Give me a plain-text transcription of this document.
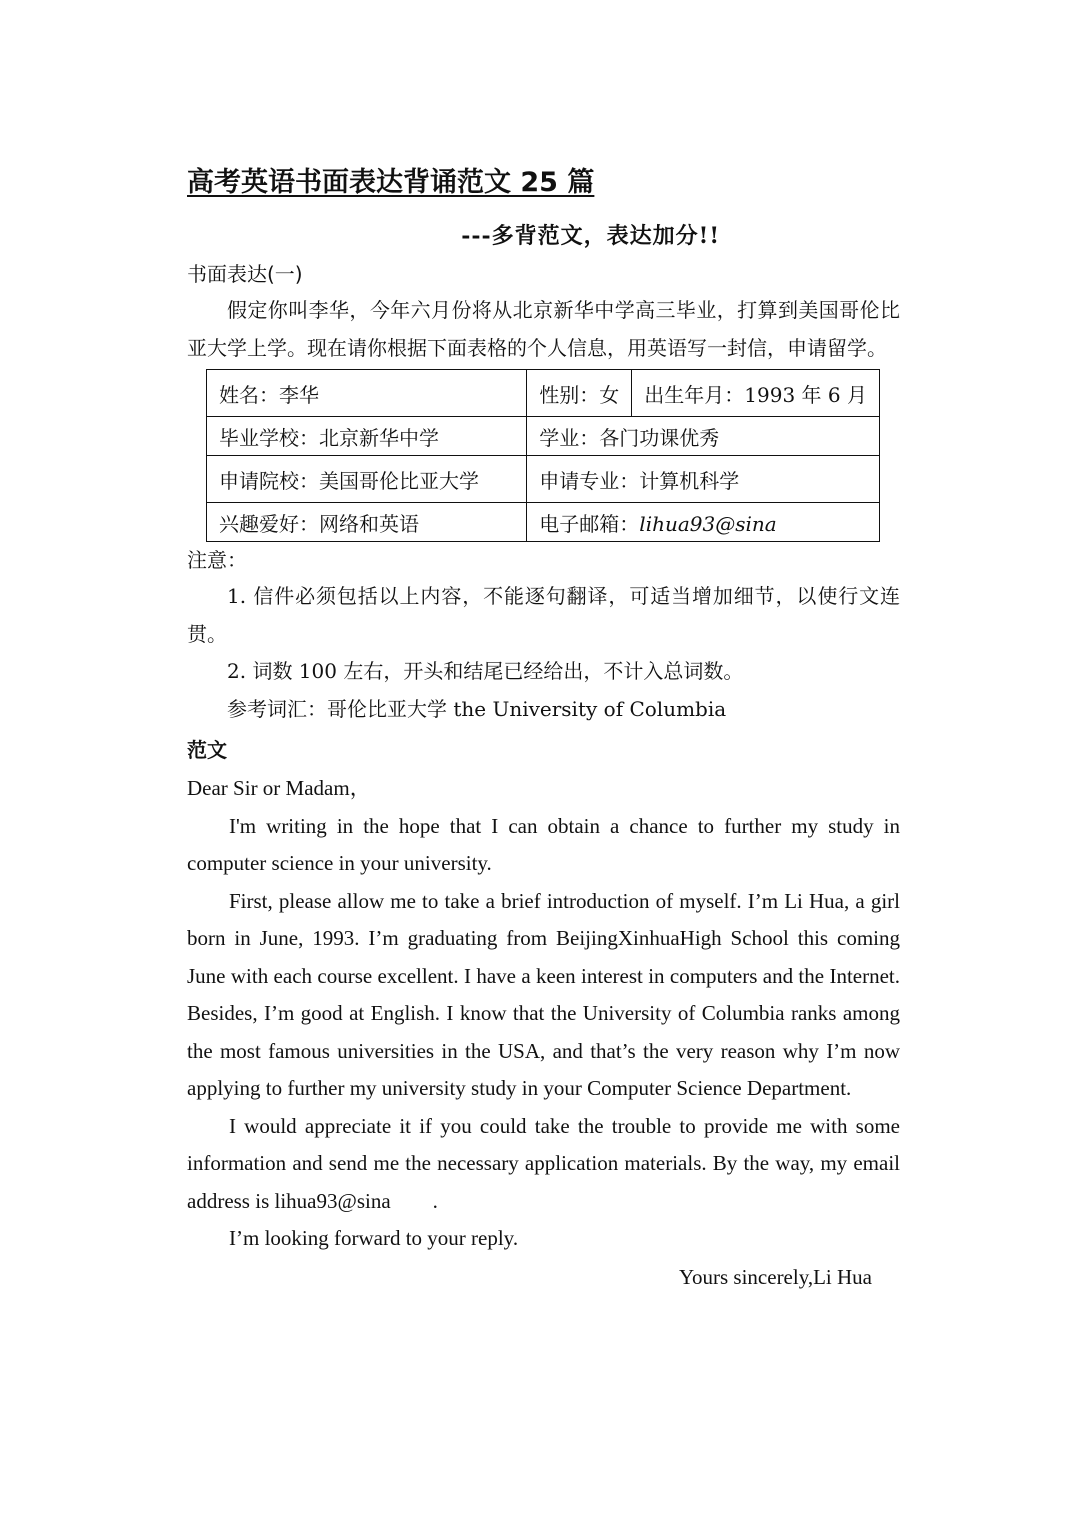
高考英语书面表达背诵范文 25 篇
---多背范文，表达加分!!
书面表达(一)

假定你叫李华，今年六月份将从北京新华中学高三毕业，打算到美国哥伦比亚大学上学。现在请你根据下面表格的个人信息，用英语写一封信，申请留学。

姓名：李华	性别：女	出生年月：1993 年 6 月
毕业学校：北京新华中学	学业：各门功课优秀	
申请院校：美国哥伦比亚大学	申请专业：计算机科学	
兴趣爱好：网络和英语	电子邮箱：lihua93@sina	
注意：

1. 信件必须包括以上内容，不能逐句翻译，可适当增加细节，以使行文连贯。

2. 词数 100 左右，开头和结尾已经给出，不计入总词数。

参考词汇：哥伦比亚大学 the University of Columbia

范文

Dear Sir or Madam，

I'm writing in the hope that I can obtain a chance to further my study in computer science in your university.

First, please allow me to take a brief introduction of myself. I’m Li Hua, a girl born in June, 1993. I’m graduating from BeijingXinhuaHigh School this coming June with each course excellent. I have a keen interest in computers and the Internet. Besides, I’m good at English. I know that the University of Columbia ranks among the most famous universities in the USA, and that’s the very reason why I’m now applying to further my university study in your Computer Science Department.

I would appreciate it if you could take the trouble to provide me with some information and send me the necessary application materials. By the way, my email address is lihua93@sina        .

I’m looking forward to your reply.

Yours sincerely,Li Hua
